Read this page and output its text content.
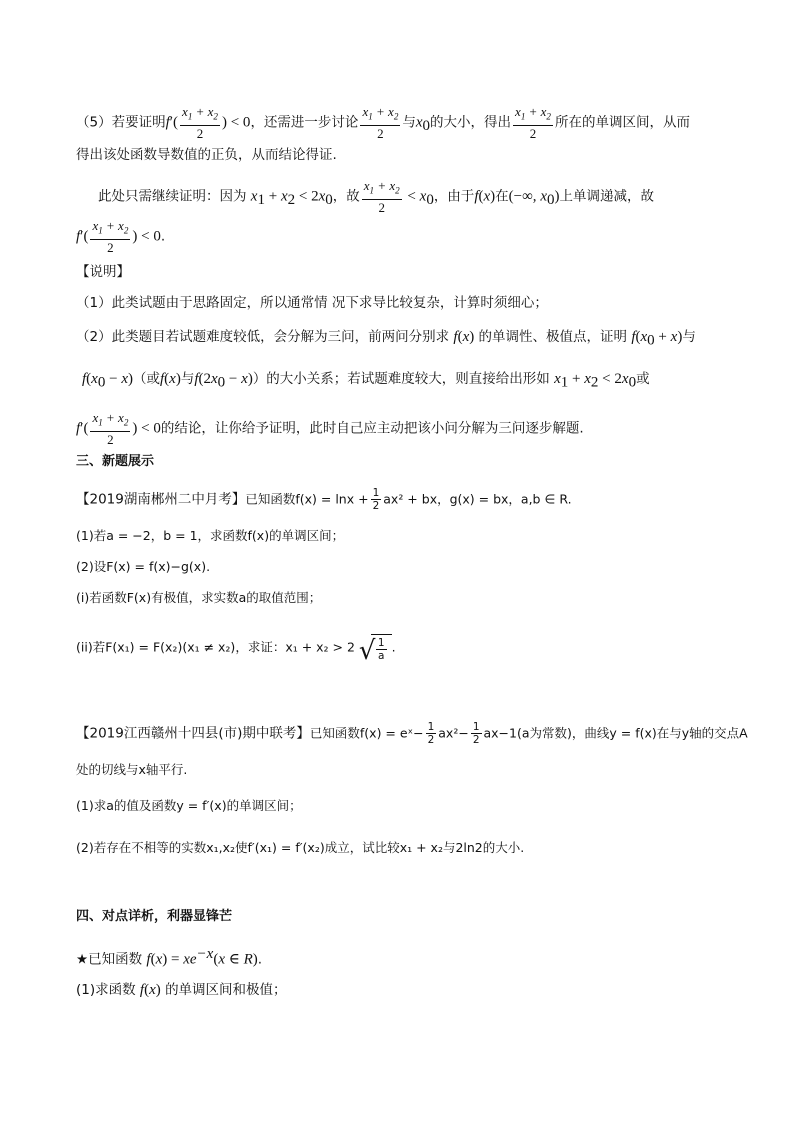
（5）若要证明$f'( \frac{x_1 + x_2}{2}$ ) < 0，还需进一步讨论 $\frac{x_1 + x_2}{2}$ 与$x_0$的大小，得出 $\frac{x_1 + x_2}{2}$ 所在的单调区间，从而
得出该处函数导数值的正负，从而结论得证.
此处只需继续证明：因为 $x_1 + x_2 < 2x_0$，故 $\frac{x_1 + x_2}{2} < x_0$，由于f(x)在(−∞, $x_0$)上单调递减，故
$f'( \frac{x_1 + x_2}{2}$ ) < 0.
【说明】
（1）此类试题由于思路固定，所以通常情 况下求导比较复杂，计算时须细心；
（2）此类题目若试题难度较低，会分解为三问，前两问分别求 f(x) 的单调性、极值点，证明 $f(x_0 + x)$与
$f(x_0 - x)$（或f(x)与$f(2x_0 - x)$）的大小关系；若试题难度较大，则直接给出形如 $x_1 + x_2 < 2x_0$或
$f'( \frac{x_1 + x_2}{2}$ ) < 0的结论，让你给予证明，此时自己应主动把该小问分解为三问逐步解题.
三、新题展示
【2019湖南郴州二中月考】已知函数$f(x) = \ln x + \frac{1}{2} ax^2$ + bx，g(x) = bx，a,b ∈ R.
(1)若a = −2，b = 1，求函数f(x)的单调区间；
(2)设F(x) = f(x)−g(x).
(i)若函数F(x)有极值，求实数a的取值范围；
(ii)若F(x₁) = F(x₂)(x₁ ≠ x₂)，求证：x₁ + x₂ > 2 √ $\frac{1}{a}$ .
【2019江西赣州十四县(市)期中联考】已知函数f(x) = eˣ− $\frac{1}{2} ax^2- \frac{1}{2} ax-1(a$为常数)，曲线y = f(x)在与y轴的交点A
处的切线与x轴平行.
(1)求a的值及函数y = f′(x)的单调区间；
(2)若存在不相等的实数x₁,x₂使f′(x₁) = f′(x₂)成立，试比较x₁ + x₂与2ln2的大小.
四、对点详析，利器显锋芒
★已知函数 $f(x) = xe^{-x}(x$ ∈ R).
(1)求函数 f(x) 的单调区间和极值；
